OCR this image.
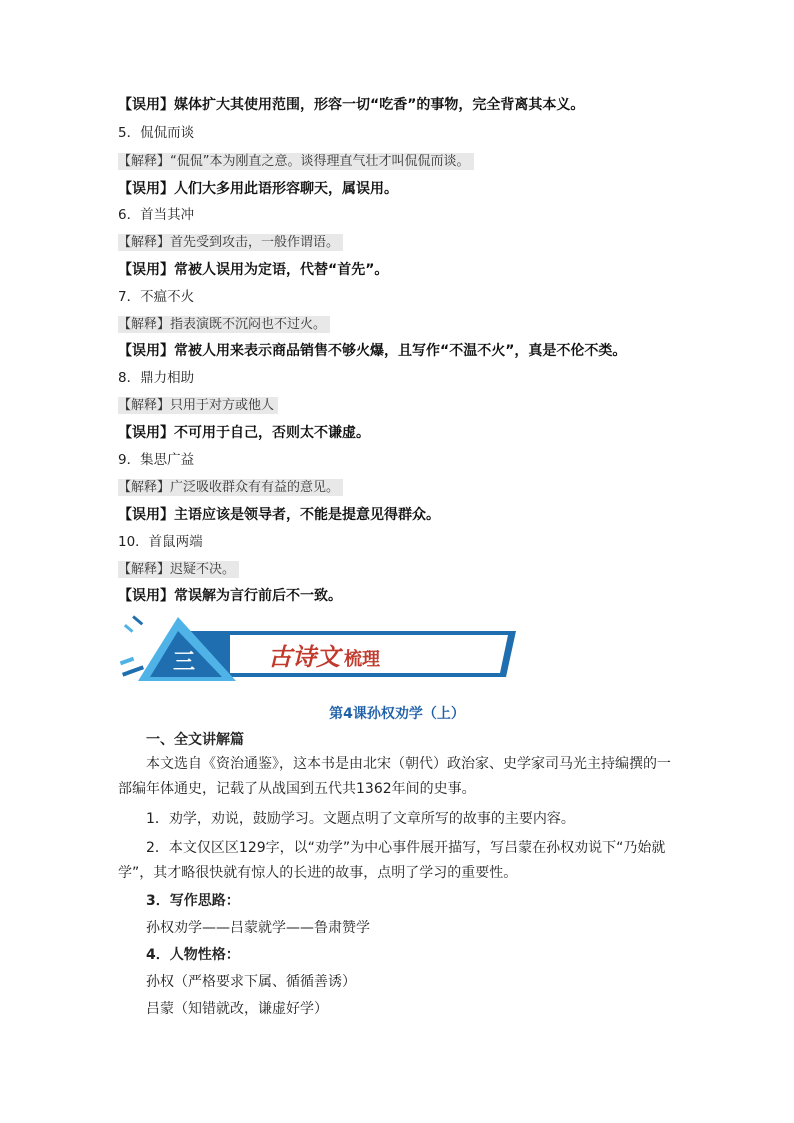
【误用】媒体扩大其使用范围，形容一切“吃香”的事物，完全背离其本义。
5．侃侃而谈
【解释】“侃侃”本为刚直之意。谈得理直气壮才叫侃侃而谈。
【误用】人们大多用此语形容聊天，属误用。
6．首当其冲
【解释】首先受到攻击，一般作谓语。
【误用】常被人误用为定语，代替“首先”。
7．不瘟不火
【解释】指表演既不沉闷也不过火。
【误用】常被人用来表示商品销售不够火爆，且写作“不温不火”，真是不伦不类。
8．鼎力相助
【解释】只用于对方或他人
【误用】不可用于自己，否则太不谦虚。
9．集思广益
【解释】广泛吸收群众有有益的意见。
【误用】主语应该是领导者，不能是提意见得群众。
10．首鼠两端
【解释】迟疑不决。
【误用】常误解为言行前后不一致。
三	古诗文 梳理
第4课孙权劝学（上）
一、全文讲解篇
本文选自《资治通鉴》，这本书是由北宋（朝代）政治家、史学家司马光主持编撰的一部编年体通史，记载了从战国到五代共1362年间的史事。
1．劝学，劝说，鼓励学习。文题点明了文章所写的故事的主要内容。
2．本文仅区区129字，以“劝学”为中心事件展开描写，写吕蒙在孙权劝说下“乃始就学”，其才略很快就有惊人的长进的故事，点明了学习的重要性。
3．写作思路：
孙权劝学——吕蒙就学——鲁肃赞学
4．人物性格：
孙权（严格要求下属、循循善诱）
吕蒙（知错就改，谦虚好学）
